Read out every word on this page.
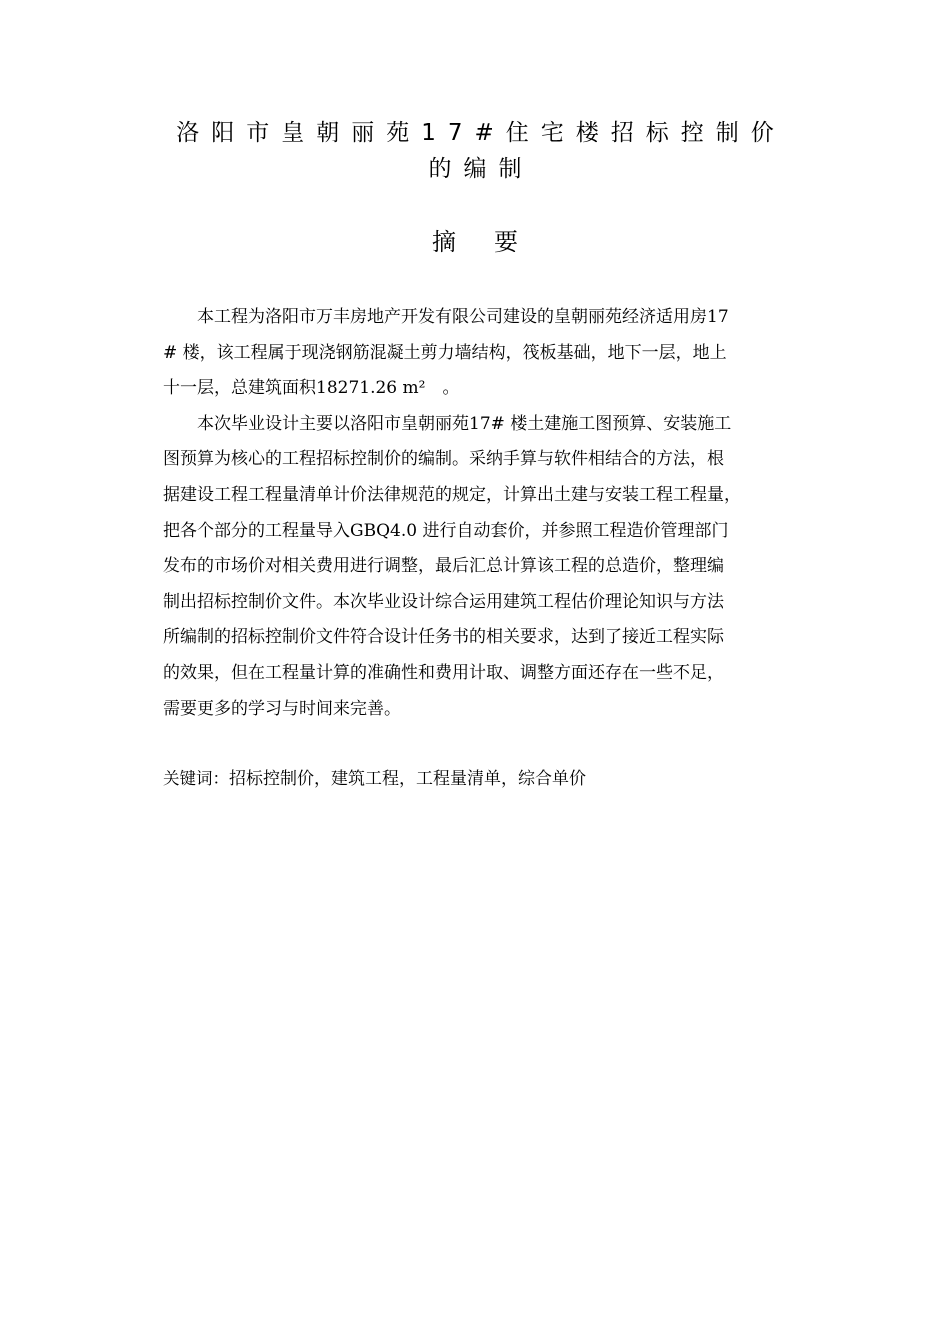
洛阳市皇朝丽苑17#住宅楼招标控制价
的编制
摘要

　　本工程为洛阳市万丰房地产开发有限公司建设的皇朝丽苑经济适用房17
# 楼，该工程属于现浇钢筋混凝土剪力墙结构，筏板基础，地下一层，地上
十一层，总建筑面积18271.26 m²　。

　　本次毕业设计主要以洛阳市皇朝丽苑17# 楼土建施工图预算、安装施工
图预算为核心的工程招标控制价的编制。采纳手算与软件相结合的方法，根
据建设工程工程量清单计价法律规范的规定，计算出土建与安装工程工程量，
把各个部分的工程量导入GBQ4.0 进行自动套价，并参照工程造价管理部门
发布的市场价对相关费用进行调整，最后汇总计算该工程的总造价，整理编
制出招标控制价文件。本次毕业设计综合运用建筑工程估价理论知识与方法
所编制的招标控制价文件符合设计任务书的相关要求，达到了接近工程实际
的效果，但在工程量计算的准确性和费用计取、调整方面还存在一些不足，
需要更多的学习与时间来完善。

关键词：招标控制价，建筑工程，工程量清单，综合单价
